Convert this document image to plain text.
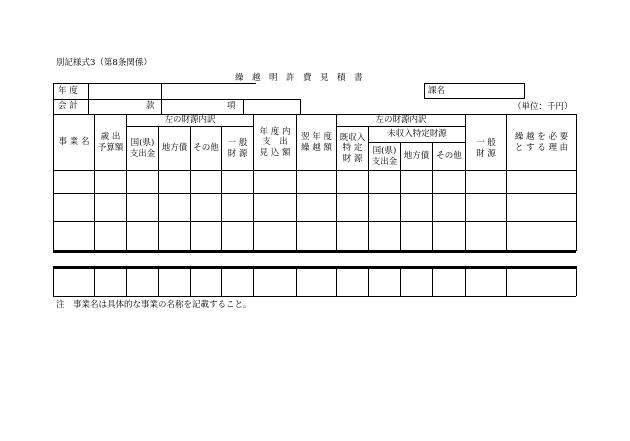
別記様式3（第8条関係）
繰　越　明　許　費　見　積　書
年 度
会 計	款	項
課名
（単位：千円）
事 業 名
歳 出
予算額
左の財源内訳
国(県)
支出金
地方債 その他
一 般
財 源
年 度 内
支　出
見 込 額
翌 年 度
繰 越 額
左の財源内訳
既収入
特 定
財 源
未収入特定財源
国(県)
支出金
地方債 その他
一 般
財 源
繰 越 を 必 要
と す る 理 由
注　事業名は具体的な事業の名称を記載すること。
